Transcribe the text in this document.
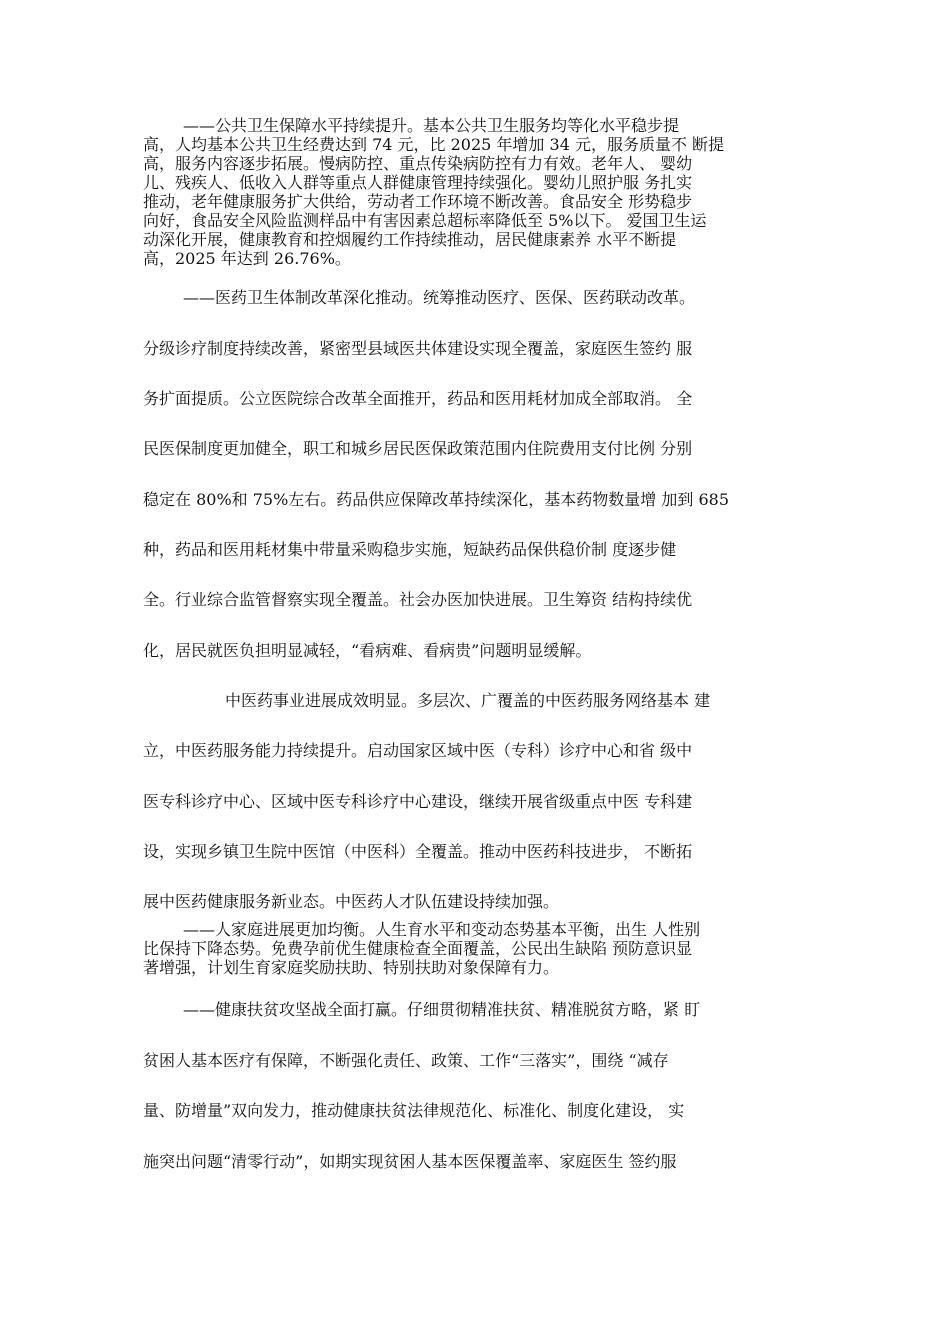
——公共卫生保障水平持续提升。基本公共卫生服务均等化水平稳步提
高，人均基本公共卫生经费达到 74 元，比 2025 年增加 34 元，服务质量不 断提
高，服务内容逐步拓展。慢病防控、重点传染病防控有力有效。老年人、 婴幼
儿、残疾人、低收入人群等重点人群健康管理持续强化。婴幼儿照护服 务扎实
推动，老年健康服务扩大供给，劳动者工作环境不断改善。食品安全 形势稳步
向好，食品安全风险监测样品中有害因素总超标率降低至 5%以下。 爱国卫生运
动深化开展，健康教育和控烟履约工作持续推动，居民健康素养 水平不断提
高，2025 年达到 26.76%。
——医药卫生体制改革深化推动。统筹推动医疗、医保、医药联动改革。
分级诊疗制度持续改善，紧密型县域医共体建设实现全覆盖，家庭医生签约 服
务扩面提质。公立医院综合改革全面推开，药品和医用耗材加成全部取消。 全
民医保制度更加健全，职工和城乡居民医保政策范围内住院费用支付比例 分别
稳定在 80%和 75%左右。药品供应保障改革持续深化，基本药物数量增 加到 685
种，药品和医用耗材集中带量采购稳步实施，短缺药品保供稳价制 度逐步健
全。行业综合监管督察实现全覆盖。社会办医加快进展。卫生筹资 结构持续优
化，居民就医负担明显减轻，“看病难、看病贵”问题明显缓解。
中医药事业进展成效明显。多层次、广覆盖的中医药服务网络基本 建
立，中医药服务能力持续提升。启动国家区域中医（专科）诊疗中心和省 级中
医专科诊疗中心、区域中医专科诊疗中心建设，继续开展省级重点中医 专科建
设，实现乡镇卫生院中医馆（中医科）全覆盖。推动中医药科技进步， 不断拓
展中医药健康服务新业态。中医药人才队伍建设持续加强。
——人家庭进展更加均衡。人生育水平和变动态势基本平衡，出生 人性别
比保持下降态势。免费孕前优生健康检查全面覆盖，公民出生缺陷 预防意识显
著增强，计划生育家庭奖励扶助、特别扶助对象保障有力。
——健康扶贫攻坚战全面打赢。仔细贯彻精准扶贫、精准脱贫方略，紧 盯
贫困人基本医疗有保障，不断强化责任、政策、工作“三落实”，围绕 “减存
量、防增量”双向发力，推动健康扶贫法律规范化、标准化、制度化建设， 实
施突出问题“清零行动”，如期实现贫困人基本医保覆盖率、家庭医生 签约服
